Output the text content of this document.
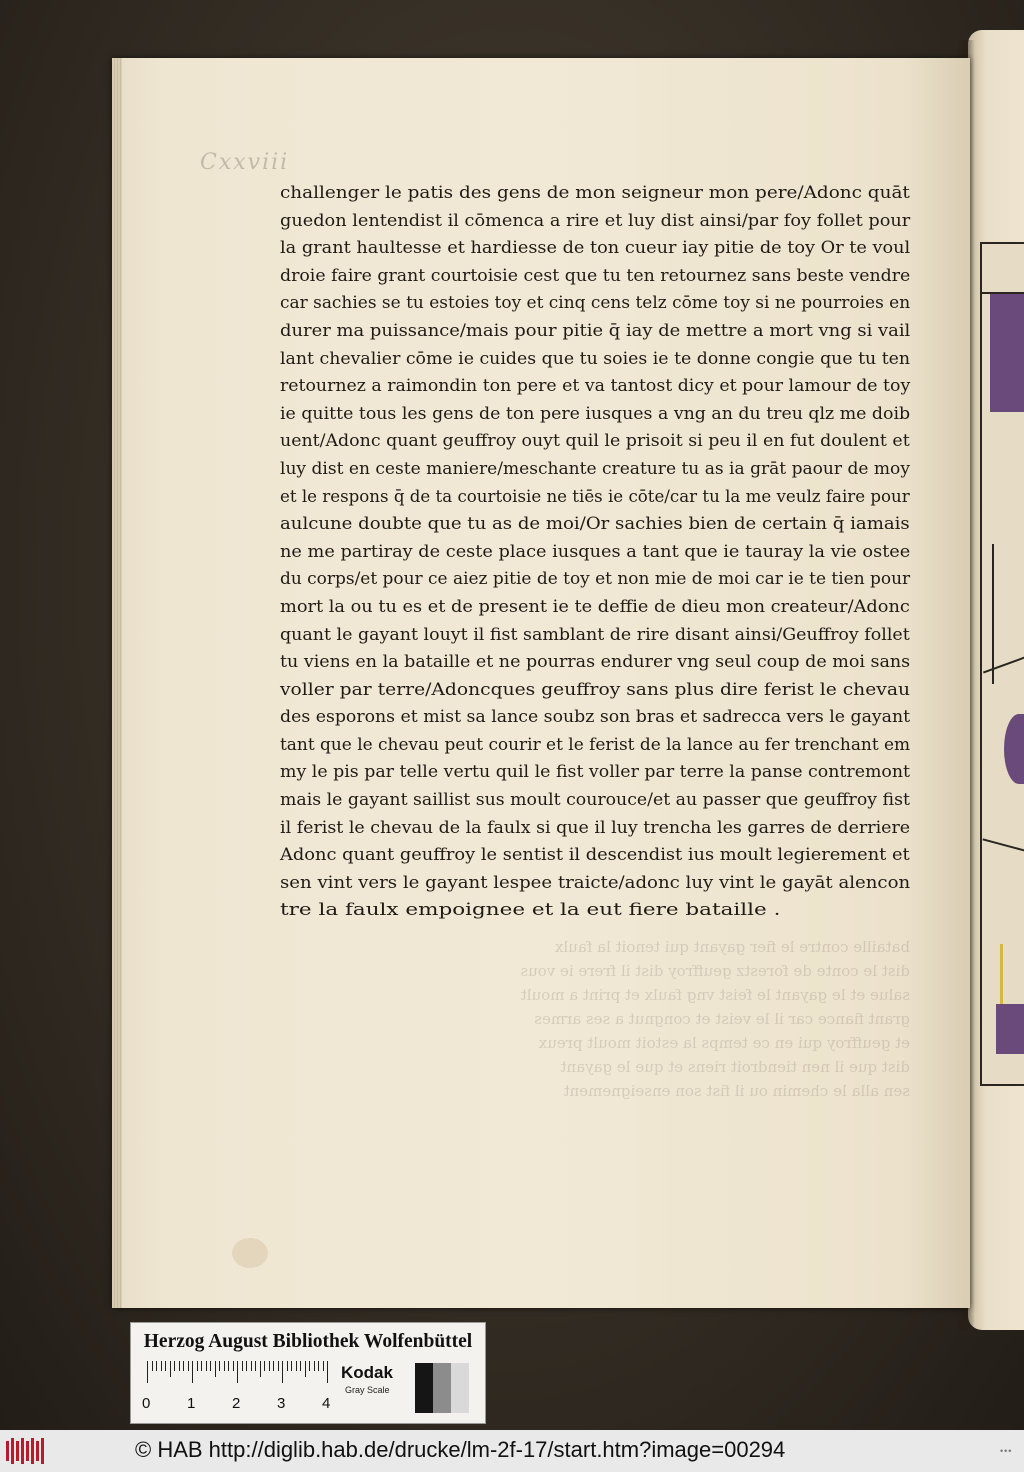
Cxxviii
challenger le patis des gens de mon seigneur mon pere/Adonc quāt
guedon lentendist il cōmenca a rire et luy dist ainsi/par foy follet pour
la grant haultesse et hardiesse de ton cueur iay pitie de toy Or te voul
droie faire grant courtoisie cest que tu ten retournez sans beste vendre
car sachies se tu estoies toy et cinq cens telz cōme toy si ne pourroies en
durer ma puissance/mais pour pitie q̄ iay de mettre a mort vng si vail
lant chevalier cōme ie cuides que tu soies ie te donne congie que tu ten
retournez a raimondin ton pere et va tantost dicy et pour lamour de toy
ie quitte tous les gens de ton pere iusques a vng an du treu qlz me doib
uent/Adonc quant geuffroy ouyt quil le prisoit si peu il en fut doulent et
luy dist en ceste maniere/meschante creature tu as ia grāt paour de moy
et le respons q̄ de ta courtoisie ne tiēs ie cōte/car tu la me veulz faire pour
aulcune doubte que tu as de moi/Or sachies bien de certain q̄ iamais
ne me partiray de ceste place iusques a tant que ie tauray la vie ostee
du corps/et pour ce aiez pitie de toy et non mie de moi car ie te tien pour
mort la ou tu es et de present ie te deffie de dieu mon createur/Adonc
quant le gayant louyt il fist samblant de rire disant ainsi/Geuffroy follet
tu viens en la bataille et ne pourras endurer vng seul coup de moi sans
voller par terre/Adoncques geuffroy sans plus dire ferist le chevau
des esporons et mist sa lance soubz son bras et sadrecca vers le gayant
tant que le chevau peut courir et le ferist de la lance au fer trenchant em
my le pis par telle vertu quil le fist voller par terre la panse contremont
mais le gayant saillist sus moult courouce/et au passer que geuffroy fist
il ferist le chevau de la faulx si que il luy trencha les garres de derriere
Adonc quant geuffroy le sentist il descendist ius moult legierement et
sen vint vers le gayant lespee traicte/adonc luy vint le gayāt alencon
tre la faulx empoignee et la eut fiere bataille .
bataille contre le fier gayant qui tenoit la faulx
dist le conte de forestz geuffroy dist il frere ie vous
salue et le gayant le feist vng faulx et print a moult
grant fiance car il le veist et congnut a ses armes
et geuffroy qui en ce temps la estoit moult preux
dist que il nen tiendroit riens et que le gayant
sen alla le chemin ou il fist son enseignement
Herzog August Bibliothek Wolfenbüttel
0 1 2 3 4
Kodak
Gray Scale
© HAB http://diglib.hab.de/drucke/lm-2f-17/start.htm?image=00294	•••
